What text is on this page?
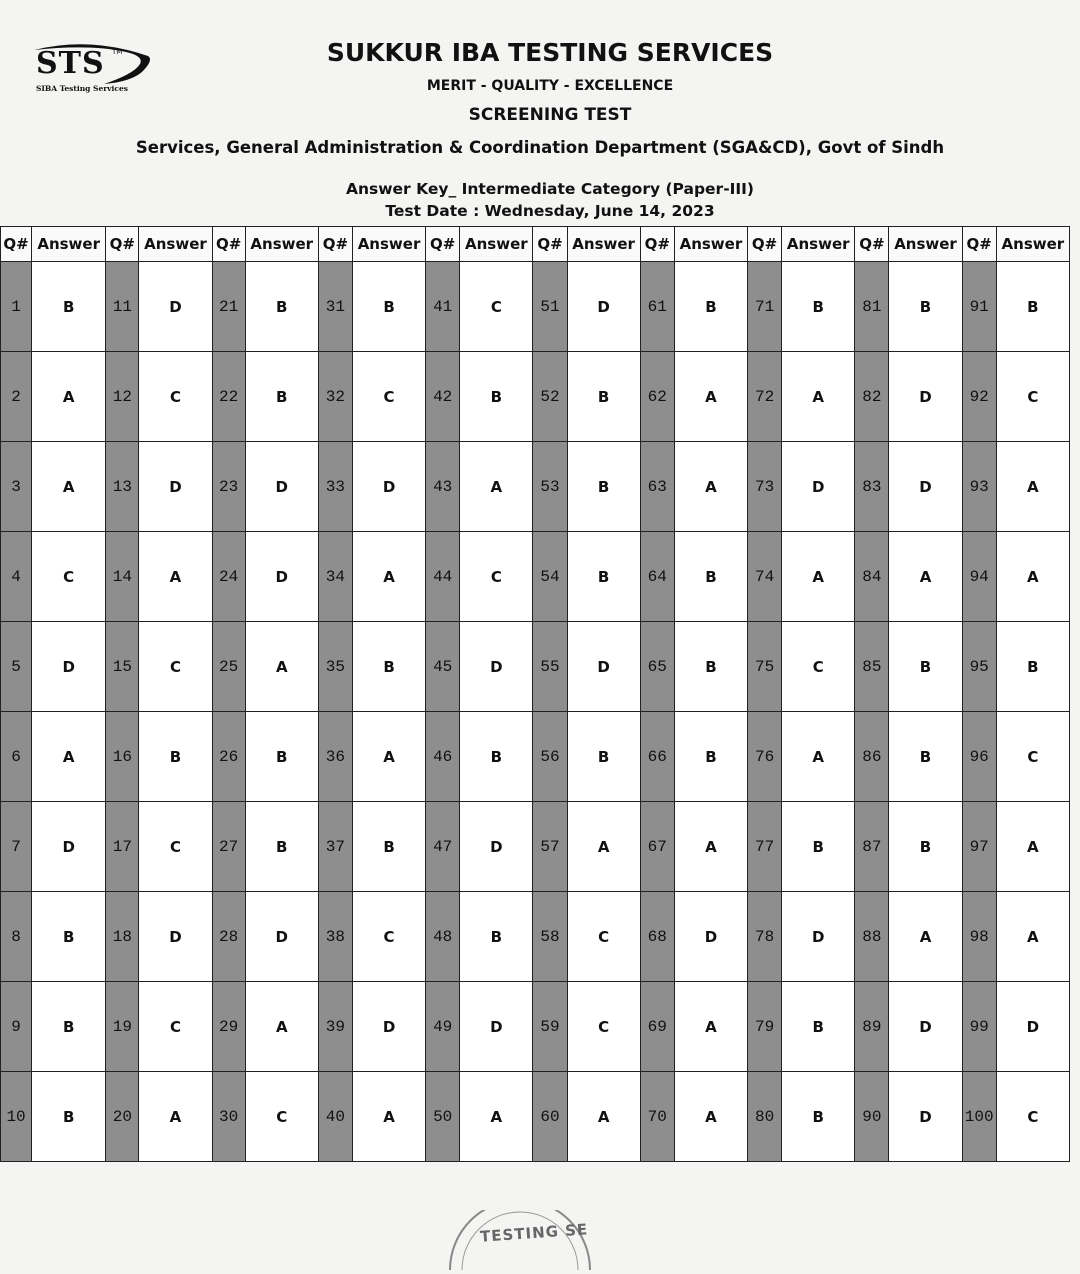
STS TM
SIBA Testing Services
SUKKUR IBA TESTING SERVICES
MERIT - QUALITY - EXCELLENCE
SCREENING TEST
Services, General Administration & Coordination Department (SGA&CD), Govt of Sindh
Answer Key_ Intermediate Category (Paper-III)
Test Date : Wednesday, June 14, 2023
Q#	Answer	Q#	Answer	Q#	Answer	Q#	Answer	Q#	Answer	Q#	Answer	Q#	Answer	Q#	Answer	Q#	Answer	Q#	Answer
1	B	11	D	21	B	31	B	41	C	51	D	61	B	71	B	81	B	91	B
2	A	12	C	22	B	32	C	42	B	52	B	62	A	72	A	82	D	92	C
3	A	13	D	23	D	33	D	43	A	53	B	63	A	73	D	83	D	93	A
4	C	14	A	24	D	34	A	44	C	54	B	64	B	74	A	84	A	94	A
5	D	15	C	25	A	35	B	45	D	55	D	65	B	75	C	85	B	95	B
6	A	16	B	26	B	36	A	46	B	56	B	66	B	76	A	86	B	96	C
7	D	17	C	27	B	37	B	47	D	57	A	67	A	77	B	87	B	97	A
8	B	18	D	28	D	38	C	48	B	58	C	68	D	78	D	88	A	98	A
9	B	19	C	29	A	39	D	49	D	59	C	69	A	79	B	89	D	99	D
10	B	20	A	30	C	40	A	50	A	60	A	70	A	80	B	90	D	100	C
TESTING SE
